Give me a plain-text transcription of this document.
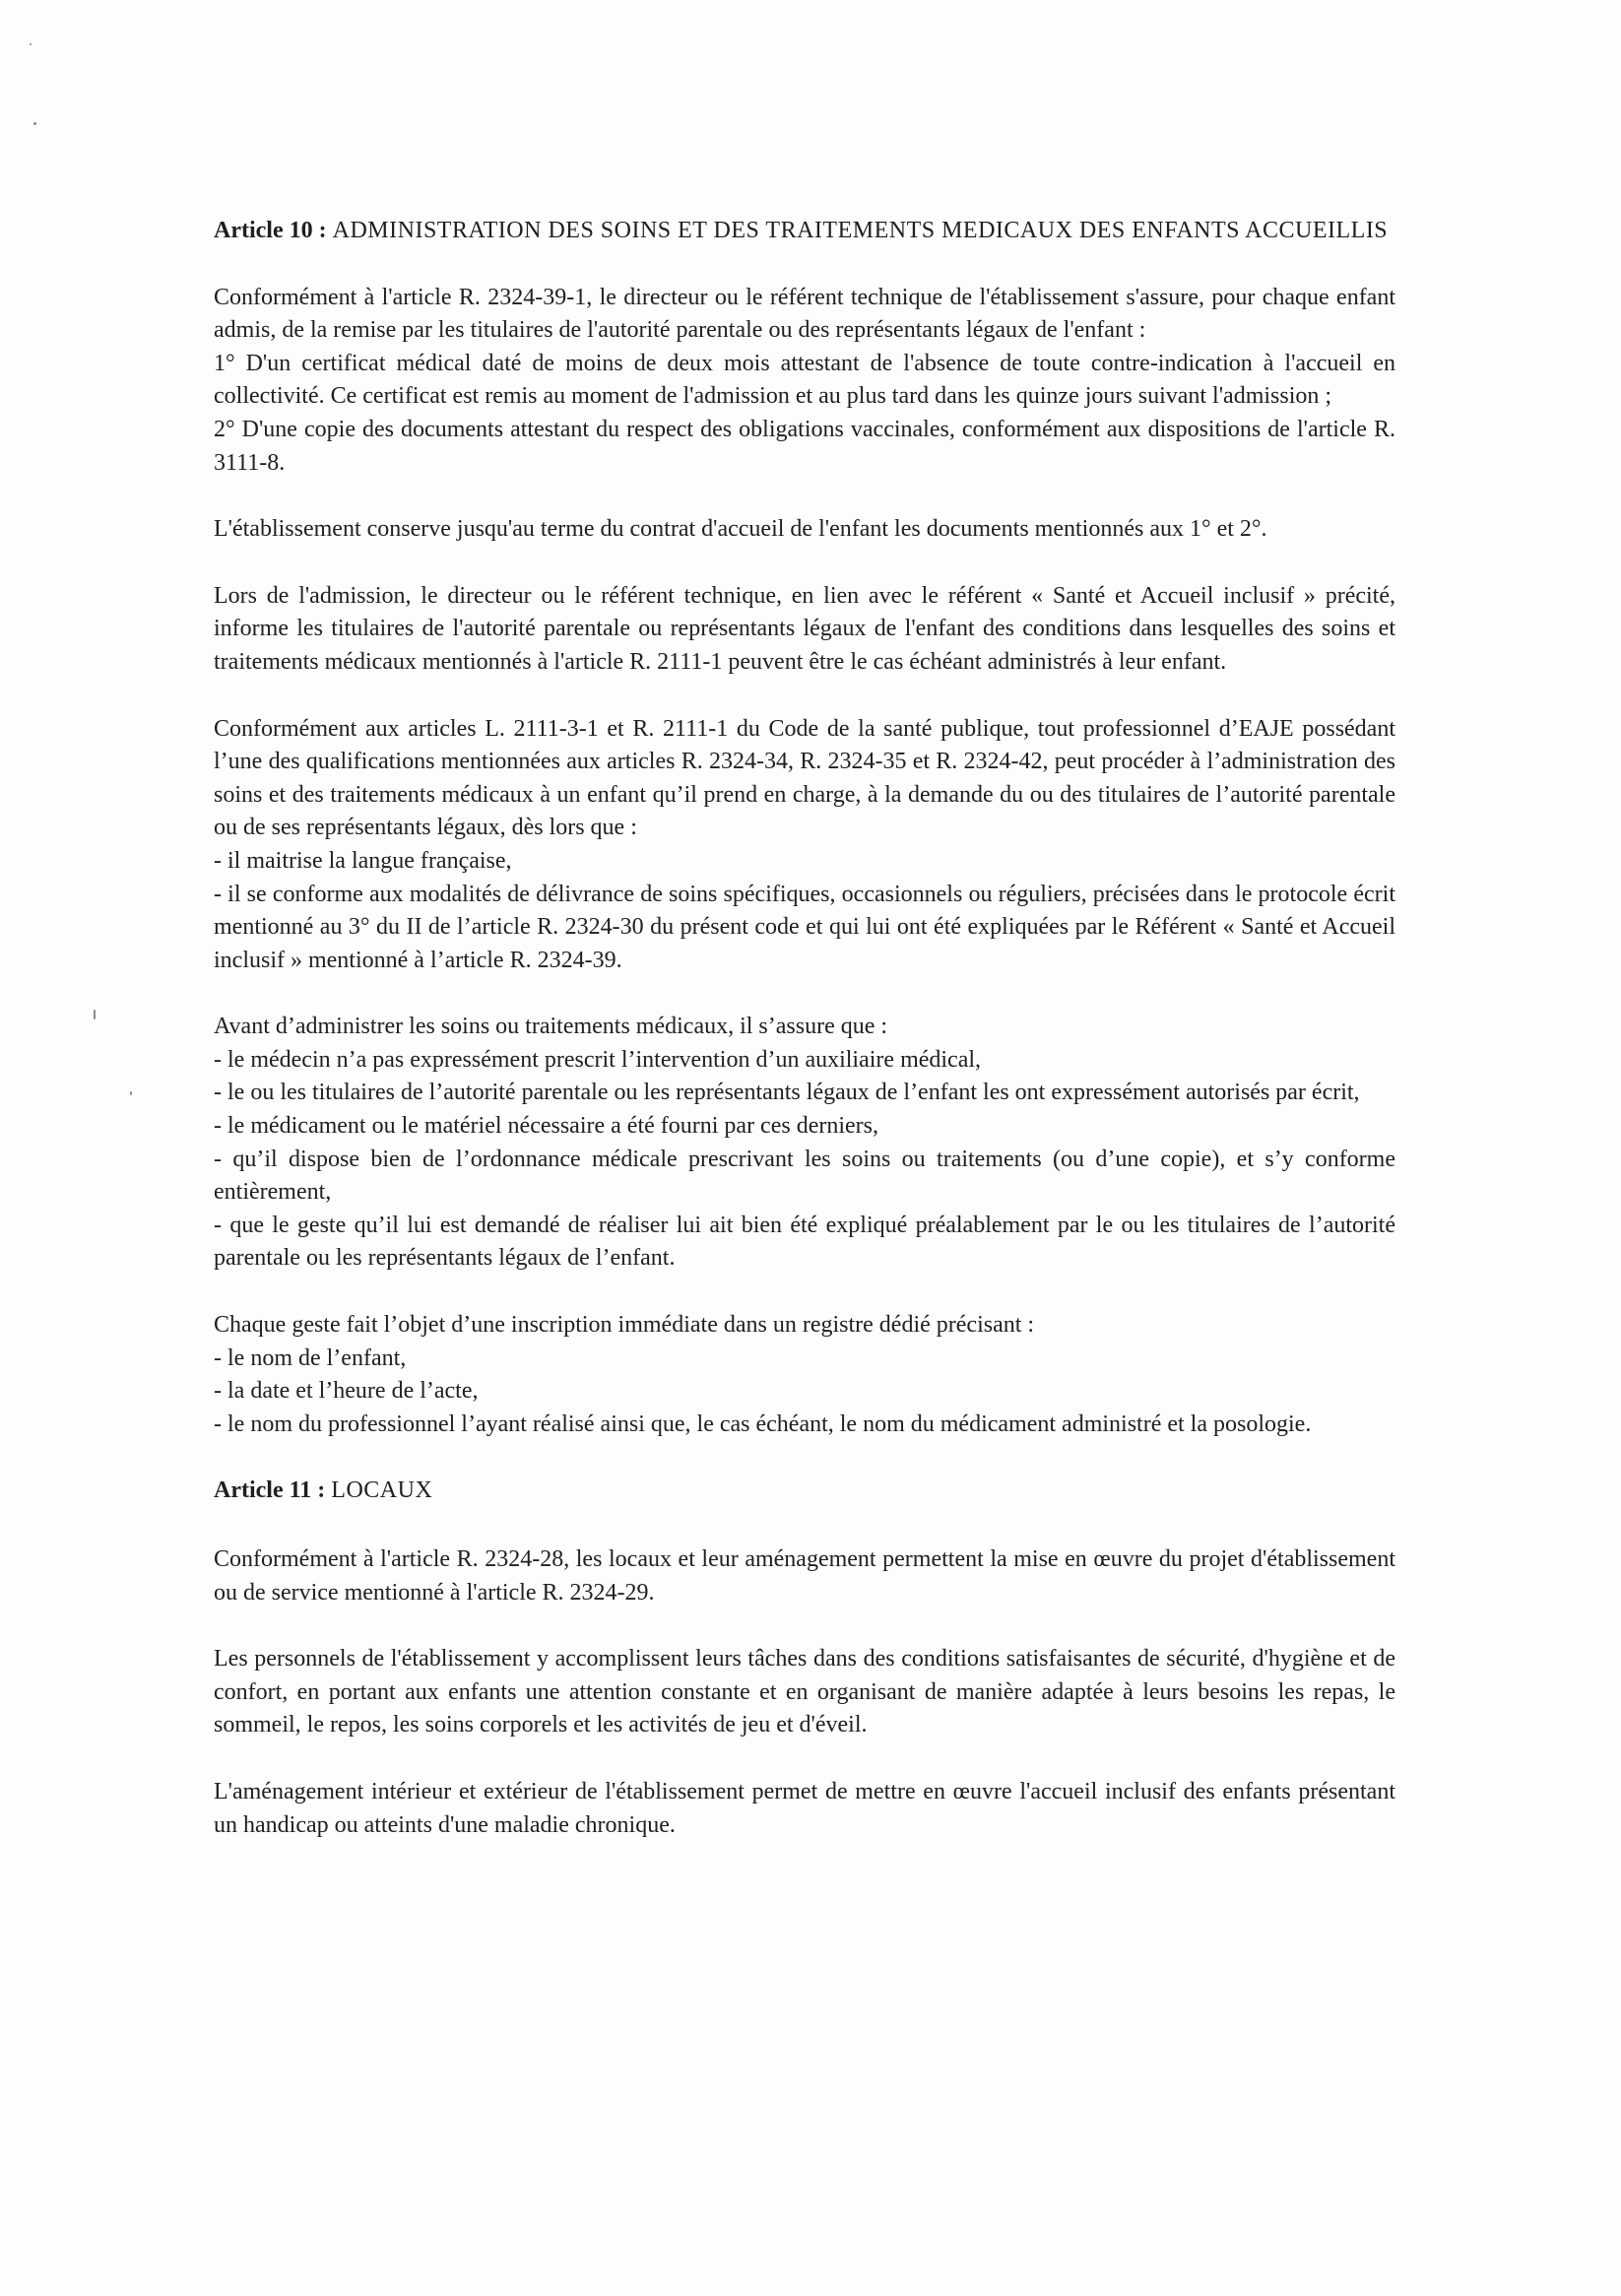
Article 10 : ADMINISTRATION DES SOINS ET DES TRAITEMENTS MEDICAUX DES ENFANTS ACCUEILLIS

Conformément à l'article R. 2324-39-1, le directeur ou le référent technique de l'établissement s'assure, pour chaque enfant admis, de la remise par les titulaires de l'autorité parentale ou des représentants légaux de l'enfant :
1° D'un certificat médical daté de moins de deux mois attestant de l'absence de toute contre-indication à l'accueil en collectivité. Ce certificat est remis au moment de l'admission et au plus tard dans les quinze jours suivant l'admission ;
2° D'une copie des documents attestant du respect des obligations vaccinales, conformément aux dispositions de l'article R. 3111-8.

L'établissement conserve jusqu'au terme du contrat d'accueil de l'enfant les documents mentionnés aux 1° et 2°.

Lors de l'admission, le directeur ou le référent technique, en lien avec le référent « Santé et Accueil inclusif » précité, informe les titulaires de l'autorité parentale ou représentants légaux de l'enfant des conditions dans lesquelles des soins et traitements médicaux mentionnés à l'article R. 2111-1 peuvent être le cas échéant administrés à leur enfant.

Conformément aux articles L. 2111-3-1 et R. 2111-1 du Code de la santé publique, tout professionnel d’EAJE possédant l’une des qualifications mentionnées aux articles R. 2324-34, R. 2324-35 et R. 2324-42, peut procéder à l’administration des soins et des traitements médicaux à un enfant qu’il prend en charge, à la demande du ou des titulaires de l’autorité parentale ou de ses représentants légaux, dès lors que :
- il maitrise la langue française,
- il se conforme aux modalités de délivrance de soins spécifiques, occasionnels ou réguliers, précisées dans le protocole écrit mentionné au 3° du II de l’article R. 2324-30 du présent code et qui lui ont été expliquées par le Référent « Santé et Accueil inclusif » mentionné à l’article R. 2324-39.

Avant d’administrer les soins ou traitements médicaux, il s’assure que :
- le médecin n’a pas expressément prescrit l’intervention d’un auxiliaire médical,
- le ou les titulaires de l’autorité parentale ou les représentants légaux de l’enfant les ont expressément autorisés par écrit,
- le médicament ou le matériel nécessaire a été fourni par ces derniers,
- qu’il dispose bien de l’ordonnance médicale prescrivant les soins ou traitements (ou d’une copie), et s’y conforme entièrement,
- que le geste qu’il lui est demandé de réaliser lui ait bien été expliqué préalablement par le ou les titulaires de l’autorité parentale ou les représentants légaux de l’enfant.

Chaque geste fait l’objet d’une inscription immédiate dans un registre dédié précisant :
- le nom de l’enfant,
- la date et l’heure de l’acte,
- le nom du professionnel l’ayant réalisé ainsi que, le cas échéant, le nom du médicament administré et la posologie.

Article 11 : LOCAUX

Conformément à l'article R. 2324-28, les locaux et leur aménagement permettent la mise en œuvre du projet d'établissement ou de service mentionné à l'article R. 2324-29.

Les personnels de l'établissement y accomplissent leurs tâches dans des conditions satisfaisantes de sécurité, d'hygiène et de confort, en portant aux enfants une attention constante et en organisant de manière adaptée à leurs besoins les repas, le sommeil, le repos, les soins corporels et les activités de jeu et d'éveil.

L'aménagement intérieur et extérieur de l'établissement permet de mettre en œuvre l'accueil inclusif des enfants présentant un handicap ou atteints d'une maladie chronique.
